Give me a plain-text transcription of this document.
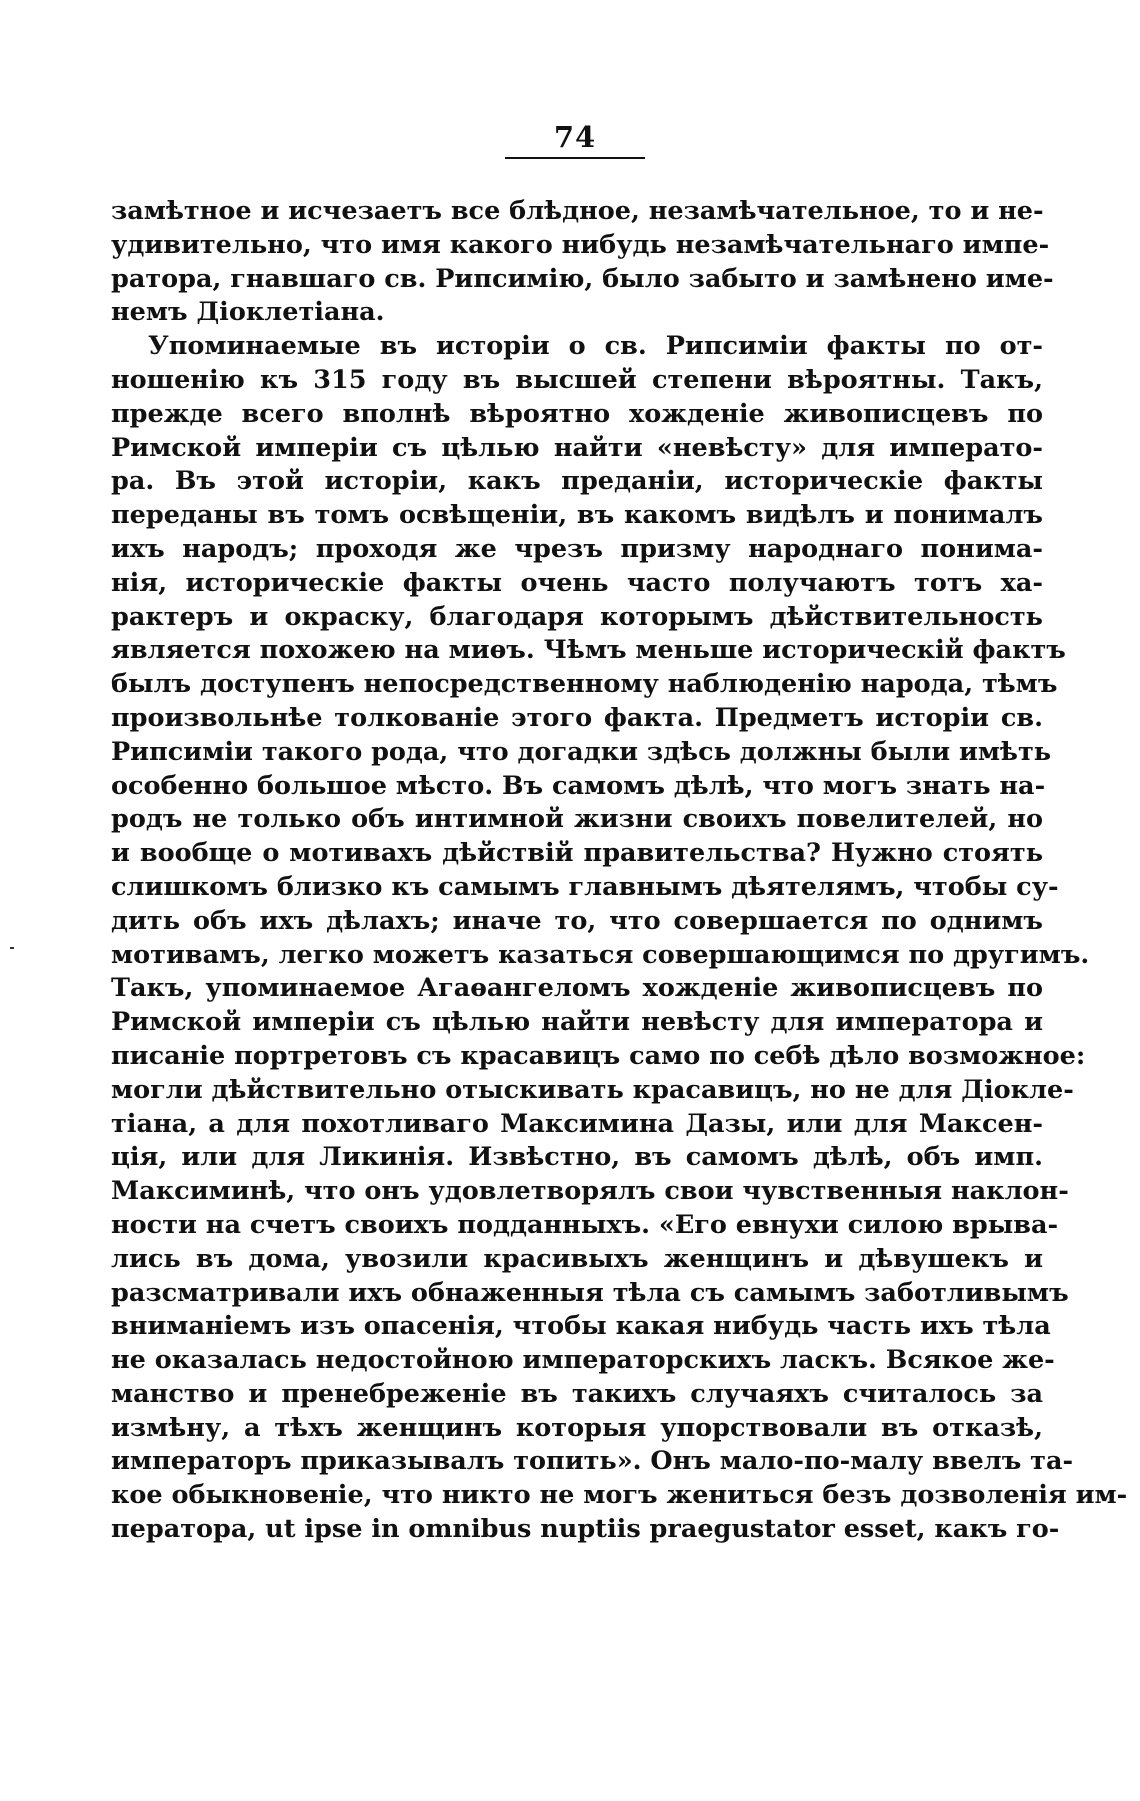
74
замѣтное и исчезаетъ все блѣдное, незамѣчательное, то и не-
удивительно, что имя какого нибудь незамѣчательнаго импе-
ратора, гнавшаго св. Рипсимію, было забыто и замѣнено име-
немъ Діоклетіана.
Упоминаемые въ исторіи о св. Рипсиміи факты по от-
ношенію къ 315 году въ высшей степени вѣроятны. Такъ,
прежде всего вполнѣ вѣроятно хожденіе живописцевъ по
Римской имперіи съ цѣлью найти «невѣсту» для императо-
ра. Въ этой исторіи, какъ преданіи, историческіе факты
переданы въ томъ освѣщеніи, въ какомъ видѣлъ и понималъ
ихъ народъ; проходя же чрезъ призму народнаго понима-
нія, историческіе факты очень часто получаютъ тотъ ха-
рактеръ и окраску, благодаря которымъ дѣйствительность
является похожею на миѳъ. Чѣмъ меньше историческій фактъ
былъ доступенъ непосредственному наблюденію народа, тѣмъ
произвольнѣе толкованіе этого факта. Предметъ исторіи св.
Рипсиміи такого рода, что догадки здѣсь должны были имѣть
особенно большое мѣсто. Въ самомъ дѣлѣ, что могъ знать на-
родъ не только объ интимной жизни своихъ повелителей, но
и вообще о мотивахъ дѣйствій правительства? Нужно стоять
слишкомъ близко къ самымъ главнымъ дѣятелямъ, чтобы су-
дить объ ихъ дѣлахъ; иначе то, что совершается по однимъ
мотивамъ, легко можетъ казаться совершающимся по другимъ.
Такъ, упоминаемое Агаѳангеломъ хожденіе живописцевъ по
Римской имперіи съ цѣлью найти невѣсту для императора и
писаніе портретовъ съ красавицъ само по себѣ дѣло возможное:
могли дѣйствительно отыскивать красавицъ, но не для Діокле-
тіана, а для похотливаго Максимина Дазы, или для Максен-
ція, или для Ликинія. Извѣстно, въ самомъ дѣлѣ, объ имп.
Максиминѣ, что онъ удовлетворялъ свои чувственныя наклон-
ности на счетъ своихъ подданныхъ. «Его евнухи силою врыва-
лись въ дома, увозили красивыхъ женщинъ и дѣвушекъ и
разсматривали ихъ обнаженныя тѣла съ самымъ заботливымъ
вниманіемъ изъ опасенія, чтобы какая нибудь часть ихъ тѣла
не оказалась недостойною императорскихъ ласкъ. Всякое же-
манство и пренебреженіе въ такихъ случаяхъ считалось за
измѣну, а тѣхъ женщинъ которыя упорствовали въ отказѣ,
императоръ приказывалъ топить». Онъ мало-по-малу ввелъ та-
кое обыкновеніе, что никто не могъ жениться безъ дозволенія им-
ператора, ut ipse in omnibus nuptiis praegustator esset, какъ го-
